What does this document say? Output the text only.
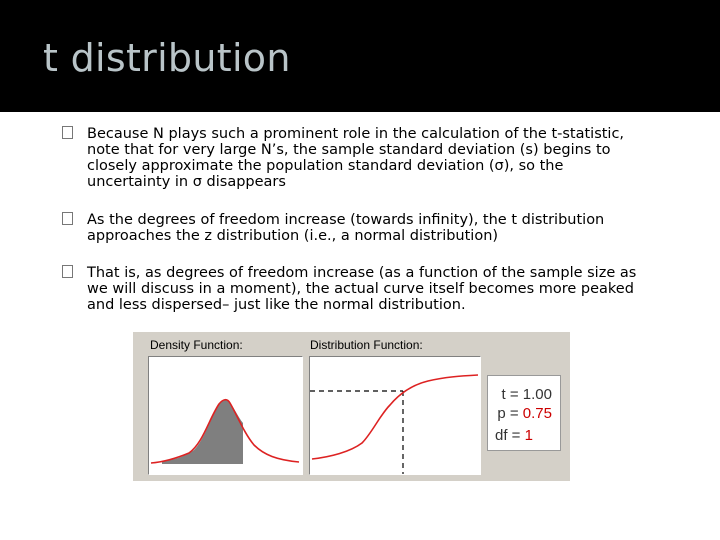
t distribution
Because N plays such a prominent role in the calculation of the t-statistic, note that for very large N’s, the sample standard deviation (s) begins to closely approximate the population standard deviation (σ), so the uncertainty in σ disappears
As the degrees of freedom increase (towards infinity), the t distribution approaches the z distribution (i.e., a normal distribution)
That is, as degrees of freedom increase (as a function of the sample size as we will discuss in a moment), the actual curve itself becomes more peaked and less dispersed– just like the normal distribution.
Density Function:	Distribution Function:
t = 1.00
p = 0.75
df = 1
